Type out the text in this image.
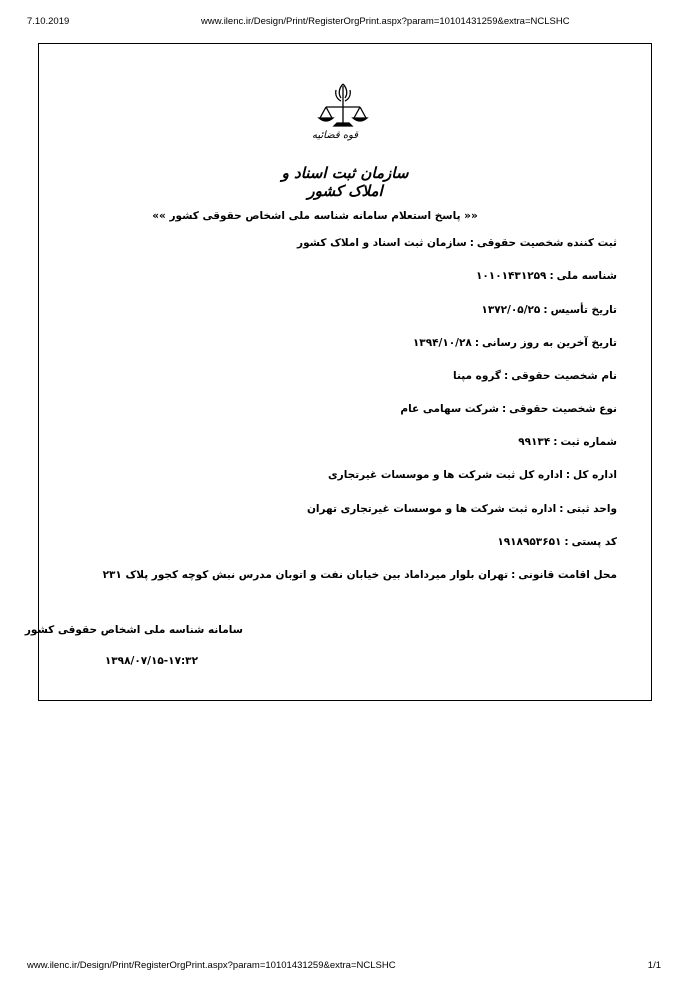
7.10.2019	www.ilenc.ir/Design/Print/RegisterOrgPrint.aspx?param=10101431259&extra=NCLSHC
قوه قضائیه
سازمان ثبت اسناد و املاک کشور
«« پاسخ استعلام سامانه شناسه ملی اشخاص حقوقی کشور »»
ثبت کننده شخصیت حقوقی:سازمان ثبت اسناد و املاک کشور
شناسه ملی:۱۰۱۰۱۴۳۱۲۵۹
تاریخ تأسیس:۱۳۷۲/۰۵/۲۵
تاریخ آخرین به روز رسانی:۱۳۹۴/۱۰/۲۸
نام شخصیت حقوقی:گروه مپنا
نوع شخصیت حقوقی:شرکت سهامی عام
شماره ثبت:۹۹۱۳۴
اداره کل:اداره کل ثبت شرکت ها و موسسات غیرتجاری
واحد ثبتی:اداره ثبت شرکت ها و موسسات غیرتجاری تهران
کد پستی:۱۹۱۸۹۵۳۶۵۱
محل اقامت قانونی:تهران بلوار میرداماد بین خیابان نفت و اتوبان مدرس نبش کوچه کجور پلاک ۲۳۱
سامانه شناسه ملی اشخاص حقوقی کشور
۱۳۹۸/۰۷/۱۵-۱۷:۳۲
www.ilenc.ir/Design/Print/RegisterOrgPrint.aspx?param=10101431259&extra=NCLSHC	1/1
